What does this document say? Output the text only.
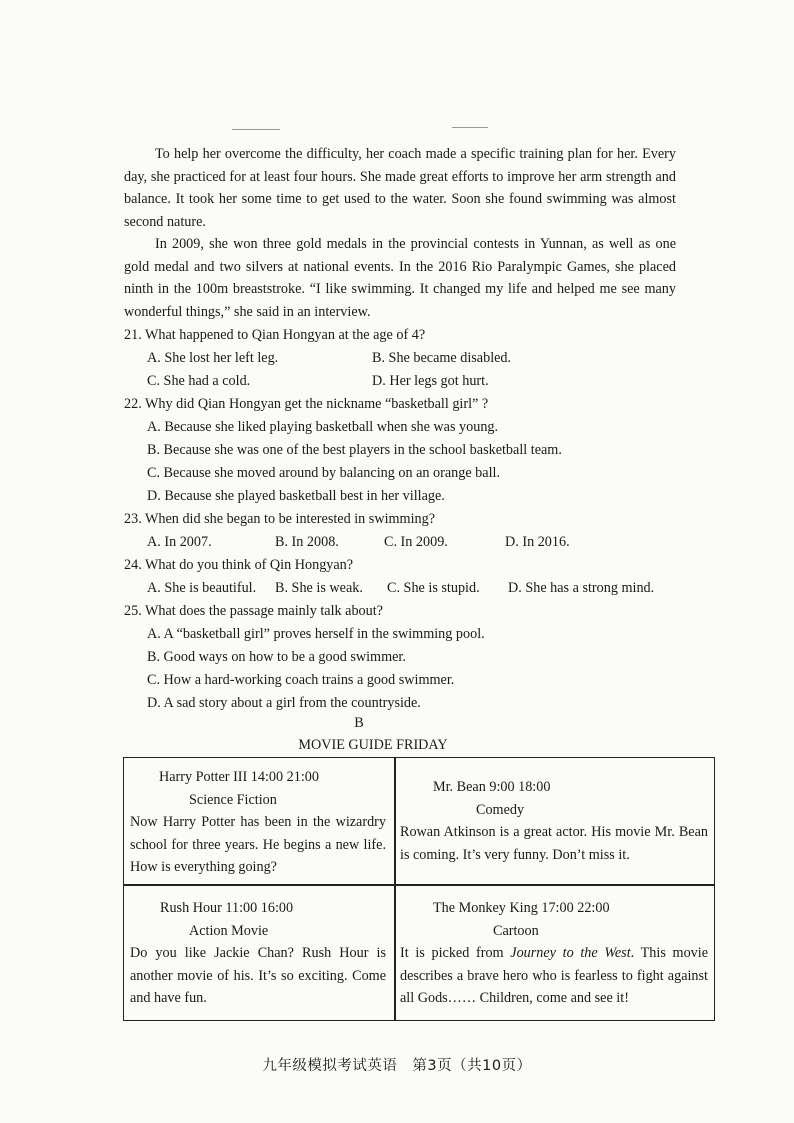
To help her overcome the difficulty, her coach made a specific training plan for her. Every day, she practiced for at least four hours. She made great efforts to improve her arm strength and balance. It took her some time to get used to the water. Soon she found swimming was almost second nature.

In 2009, she won three gold medals in the provincial contests in Yunnan, as well as one gold medal and two silvers at national events. In the 2016 Rio Paralympic Games, she placed ninth in the 100m breaststroke. “I like swimming. It changed my life and helped me see many wonderful things,” she said in an interview.

21. What happened to Qian Hongyan at the age of 4?
A. She lost her left leg.	B. She became disabled.
C. She had a cold.	D. Her legs got hurt.
22. Why did Qian Hongyan get the nickname “basketball girl” ?
A. Because she liked playing basketball when she was young.
B. Because she was one of the best players in the school basketball team.
C. Because she moved around by balancing on an orange ball.
D. Because she played basketball best in her village.
23. When did she began to be interested in swimming?
A. In 2007.	B. In 2008.	C. In 2009.	D. In 2016.
24. What do you think of Qin Hongyan?
A. She is beautiful. B. She is weak. C. She is stupid. D. She has a strong mind.
25. What does the passage mainly talk about?
A. A “basketball girl” proves herself in the swimming pool.
B. Good ways on how to be a good swimmer.
C. How a hard-working coach trains a good swimmer.
D. A sad story about a girl from the countryside.
B
MOVIE GUIDE FRIDAY
Harry Potter III 14:00 21:00
Science Fiction
Now Harry Potter has been in the wizardry school for three years. He begins a new life. How is everything going?
Mr. Bean 9:00 18:00
Comedy
Rowan Atkinson is a great actor. His movie Mr. Bean is coming. It’s very funny. Don’t miss it.
Rush Hour 11:00 16:00
Action Movie
Do you like Jackie Chan? Rush Hour is another movie of his. It’s so exciting. Come and have fun.
The Monkey King 17:00 22:00
Cartoon
It is picked from Journey to the West. This movie describes a brave hero who is fearless to fight against all Gods…… Children, come and see it!
九年级模拟考试英语　第3页（共10页）
